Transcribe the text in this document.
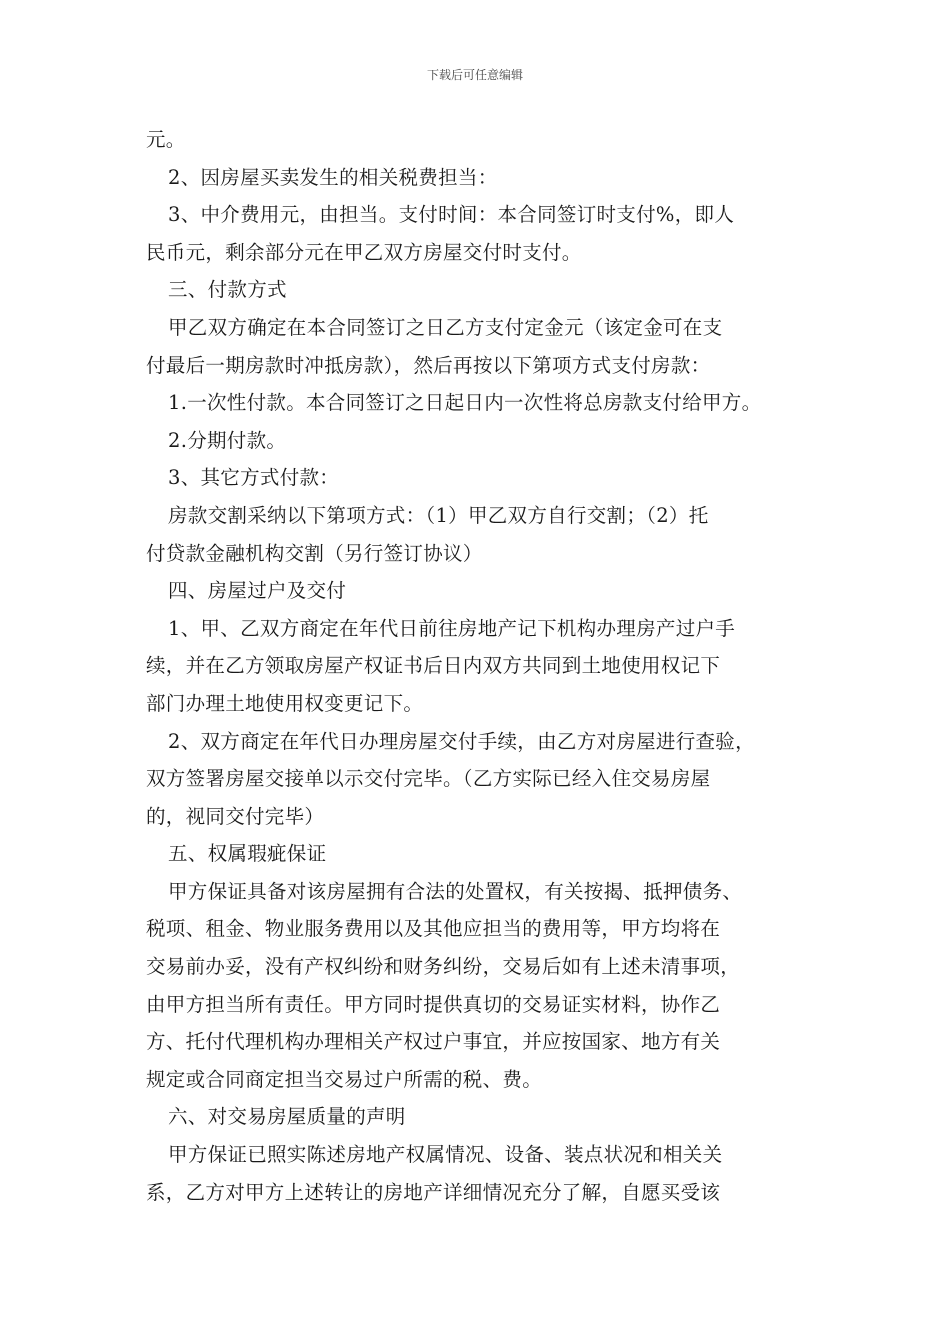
下载后可任意编辑
元。
2、因房屋买卖发生的相关税费担当：
3、中介费用元，由担当。支付时间：本合同签订时支付%，即人
民币元，剩余部分元在甲乙双方房屋交付时支付。
三、付款方式
甲乙双方确定在本合同签订之日乙方支付定金元（该定金可在支
付最后一期房款时冲抵房款），然后再按以下第项方式支付房款：
1.一次性付款。本合同签订之日起日内一次性将总房款支付给甲方。
2.分期付款。
3、其它方式付款：
房款交割采纳以下第项方式：（1）甲乙双方自行交割；（2）托
付贷款金融机构交割（另行签订协议）
四、房屋过户及交付
1、甲、乙双方商定在年代日前往房地产记下机构办理房产过户手
续，并在乙方领取房屋产权证书后日内双方共同到土地使用权记下
部门办理土地使用权变更记下。
2、双方商定在年代日办理房屋交付手续，由乙方对房屋进行查验，
双方签署房屋交接单以示交付完毕。（乙方实际已经入住交易房屋
的，视同交付完毕）
五、权属瑕疵保证
甲方保证具备对该房屋拥有合法的处置权，有关按揭、抵押债务、
税项、租金、物业服务费用以及其他应担当的费用等，甲方均将在
交易前办妥，没有产权纠纷和财务纠纷，交易后如有上述未清事项，
由甲方担当所有责任。甲方同时提供真切的交易证实材料，协作乙
方、托付代理机构办理相关产权过户事宜，并应按国家、地方有关
规定或合同商定担当交易过户所需的税、费。
六、对交易房屋质量的声明
甲方保证已照实陈述房地产权属情况、设备、装点状况和相关关
系，乙方对甲方上述转让的房地产详细情况充分了解，自愿买受该
